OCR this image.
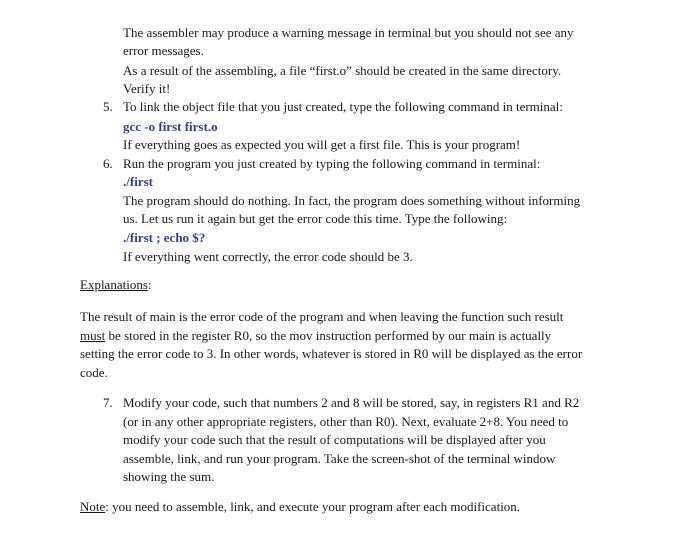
The assembler may produce a warning message in terminal but you should not see any
error messages.
As a result of the assembling, a file “first.o” should be created in the same directory.
Verify it!
5. To link the object file that you just created, type the following command in terminal:
gcc -o first first.o
If everything goes as expected you will get a first file. This is your program!
6. Run the program you just created by typing the following command in terminal:
./first
The program should do nothing. In fact, the program does something without informing
us. Let us run it again but get the error code this time. Type the following:
./first ; echo $?
If everything went correctly, the error code should be 3.
Explanations:
The result of main is the error code of the program and when leaving the function such result
must be stored in the register R0, so the mov instruction performed by our main is actually
setting the error code to 3. In other words, whatever is stored in R0 will be displayed as the error
code.
7. Modify your code, such that numbers 2 and 8 will be stored, say, in registers R1 and R2
(or in any other appropriate registers, other than R0). Next, evaluate 2+8. You need to
modify your code such that the result of computations will be displayed after you
assemble, link, and run your program. Take the screen-shot of the terminal window
showing the sum.
Note: you need to assemble, link, and execute your program after each modification.
